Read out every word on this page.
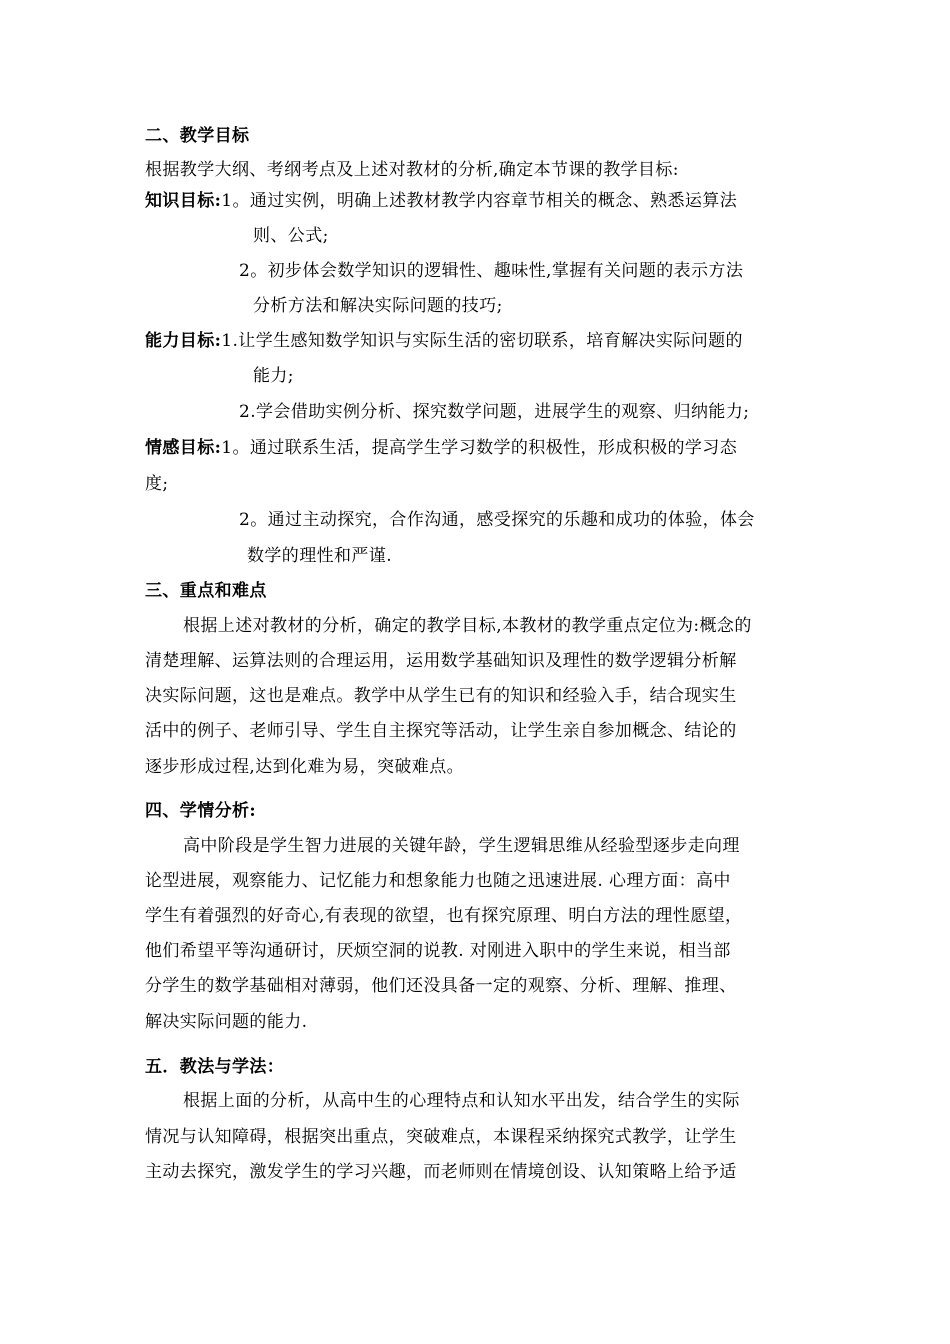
二、教学目标
根据教学大纲、考纲考点及上述对教材的分析,确定本节课的教学目标:
知识目标:1。通过实例，明确上述教材教学内容章节相关的概念、熟悉运算法
则、公式;
2。初步体会数学知识的逻辑性、趣味性,掌握有关问题的表示方法
分析方法和解决实际问题的技巧;
能力目标:1.让学生感知数学知识与实际生活的密切联系，培育解决实际问题的
能力;
2.学会借助实例分析、探究数学问题，进展学生的观察、归纳能力;
情感目标:1。通过联系生活，提高学生学习数学的积极性，形成积极的学习态
度;
2。通过主动探究，合作沟通，感受探究的乐趣和成功的体验，体会
数学的理性和严谨.
三、重点和难点
根据上述对教材的分析，确定的教学目标,本教材的教学重点定位为:概念的
清楚理解、运算法则的合理运用，运用数学基础知识及理性的数学逻辑分析解
决实际问题，这也是难点。教学中从学生已有的知识和经验入手，结合现实生
活中的例子、老师引导、学生自主探究等活动，让学生亲自参加概念、结论的
逐步形成过程,达到化难为易，突破难点。
四、学情分析:
高中阶段是学生智力进展的关键年龄，学生逻辑思维从经验型逐步走向理
论型进展，观察能力、记忆能力和想象能力也随之迅速进展. 心理方面：高中
学生有着强烈的好奇心,有表现的欲望，也有探究原理、明白方法的理性愿望，
他们希望平等沟通研讨，厌烦空洞的说教. 对刚进入职中的学生来说，相当部
分学生的数学基础相对薄弱，他们还没具备一定的观察、分析、理解、推理、
解决实际问题的能力.
五．教法与学法：
根据上面的分析，从高中生的心理特点和认知水平出发，结合学生的实际
情况与认知障碍，根据突出重点，突破难点，本课程采纳探究式教学，让学生
主动去探究，激发学生的学习兴趣，而老师则在情境创设、认知策略上给予适
